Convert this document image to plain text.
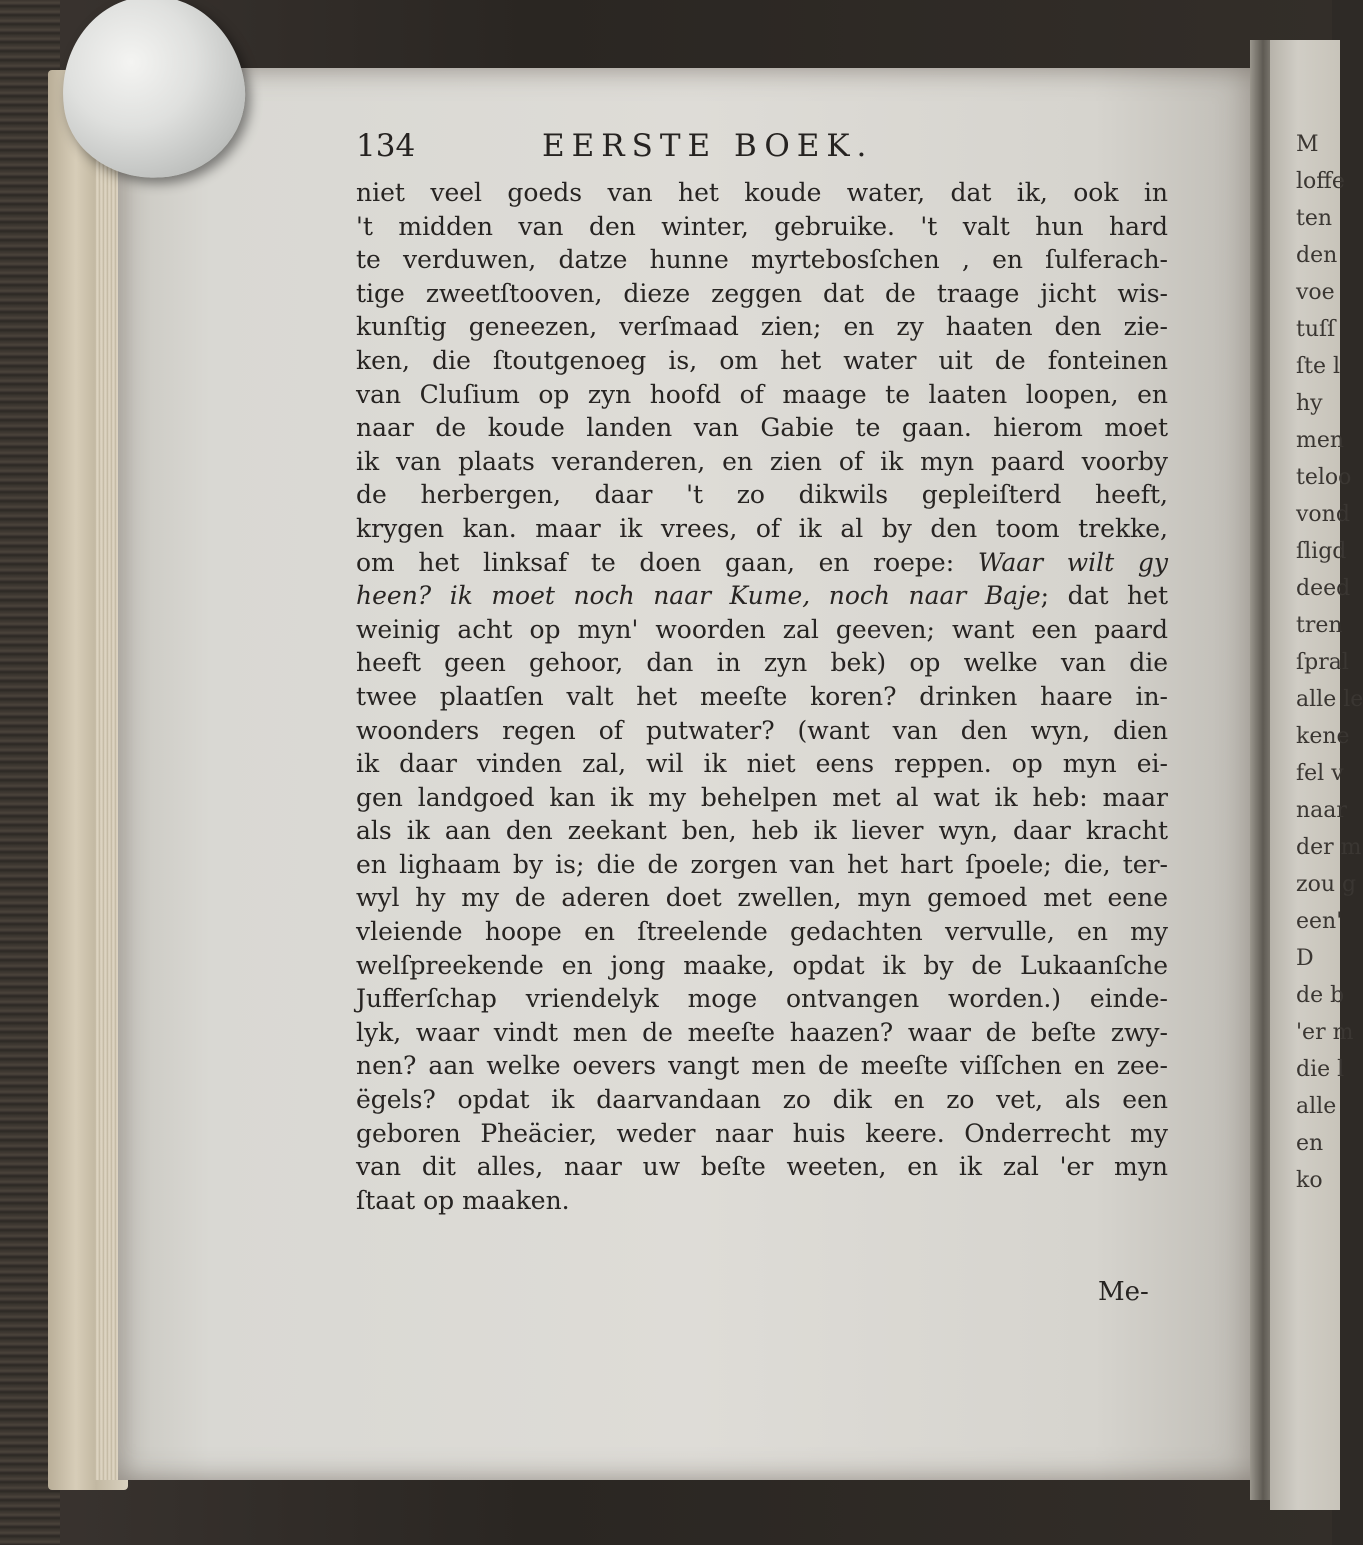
M
loffe
ten
den
voe
tuſſ
ſte l
hy
men
teloo
vond
ſligd
deed
tren
ſpral
alle le
kene
fel v
naar
der m
zou g
een'
D
de b
'er m
die l
alle
en
ko
134	EERSTE BOEK.
niet veel goeds van het koude water, dat ik, ook in
't midden van den winter, gebruike. 't valt hun hard
te verduwen, datze hunne myrtebosſchen , en ſulferach-
tige zweetſtooven, dieze zeggen dat de traage jicht wis-
kunſtig geneezen, verſmaad zien; en zy haaten den zie-
ken, die ſtoutgenoeg is, om het water uit de fonteinen
van Cluſium op zyn hoofd of maage te laaten loopen, en
naar de koude landen van Gabie te gaan. hierom moet
ik van plaats veranderen, en zien of ik myn paard voorby
de herbergen, daar 't zo dikwils gepleiſterd heeft,
krygen kan. maar ik vrees, of ik al by den toom trekke,
om het linksaf te doen gaan, en roepe: Waar wilt gy
heen? ik moet noch naar Kume, noch naar Baje; dat het
weinig acht op myn' woorden zal geeven; want een paard
heeft geen gehoor, dan in zyn bek) op welke van die
twee plaatſen valt het meeſte koren? drinken haare in-
woonders regen of putwater? (want van den wyn, dien
ik daar vinden zal, wil ik niet eens reppen. op myn ei-
gen landgoed kan ik my behelpen met al wat ik heb: maar
als ik aan den zeekant ben, heb ik liever wyn, daar kracht
en lighaam by is; die de zorgen van het hart ſpoele; die, ter-
wyl hy my de aderen doet zwellen, myn gemoed met eene
vleiende hoope en ſtreelende gedachten vervulle, en my
welſpreekende en jong maake, opdat ik by de Lukaanſche
Jufferſchap vriendelyk moge ontvangen worden.) einde-
lyk, waar vindt men de meeſte haazen? waar de beſte zwy-
nen? aan welke oevers vangt men de meeſte viſſchen en zee-
ëgels? opdat ik daarvandaan zo dik en zo vet, als een
geboren Pheäcier, weder naar huis keere. Onderrecht my
van dit alles, naar uw beſte weeten, en ik zal 'er myn
ſtaat op maaken.
Me-
